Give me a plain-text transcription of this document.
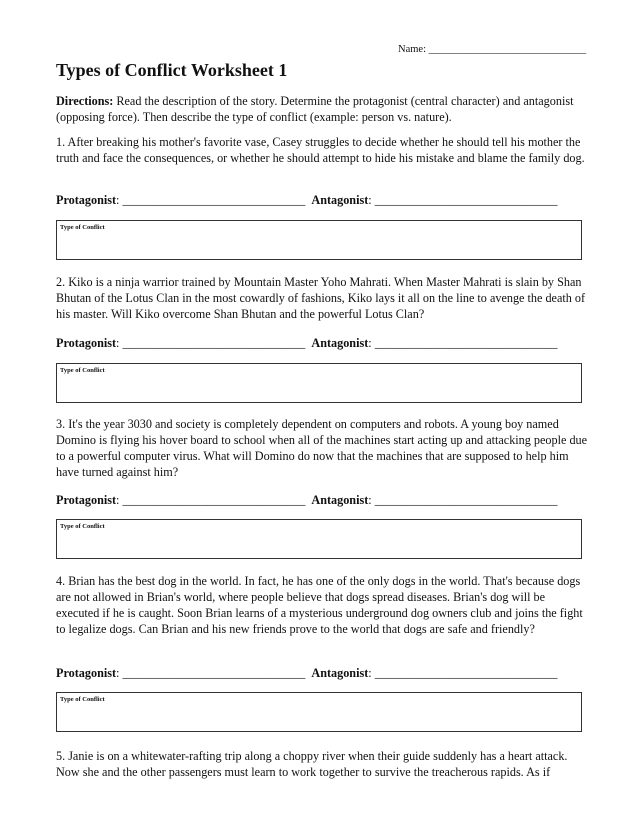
Name: ______________________________
Types of Conflict Worksheet 1

Directions: Read the description of the story. Determine the protagonist (central character) and antagonist (opposing force). Then describe the type of conflict (example: person vs. nature).

1. After breaking his mother's favorite vase, Casey struggles to decide whether he should tell his mother the truth and face the consequences, or whether he should attempt to hide his mistake and blame the family dog.

Protagonist: ______________________________ Antagonist: ______________________________

Type of Conflict

2. Kiko is a ninja warrior trained by Mountain Master Yoho Mahrati. When Master Mahrati is slain by Shan Bhutan of the Lotus Clan in the most cowardly of fashions, Kiko lays it all on the line to avenge the death of his master. Will Kiko overcome Shan Bhutan and the powerful Lotus Clan?

Protagonist: ______________________________ Antagonist: ______________________________

Type of Conflict

3. It's the year 3030 and society is completely dependent on computers and robots. A young boy named Domino is flying his hover board to school when all of the machines start acting up and attacking people due to a powerful computer virus. What will Domino do now that the machines that are supposed to help him have turned against him?

Protagonist: ______________________________ Antagonist: ______________________________

Type of Conflict

4. Brian has the best dog in the world. In fact, he has one of the only dogs in the world. That's because dogs are not allowed in Brian's world, where people believe that dogs spread diseases. Brian's dog will be executed if he is caught. Soon Brian learns of a mysterious underground dog owners club and joins the fight to legalize dogs. Can Brian and his new friends prove to the world that dogs are safe and friendly?

Protagonist: ______________________________ Antagonist: ______________________________

Type of Conflict

5. Janie is on a whitewater-rafting trip along a choppy river when their guide suddenly has a heart attack. Now she and the other passengers must learn to work together to survive the treacherous rapids. As if
